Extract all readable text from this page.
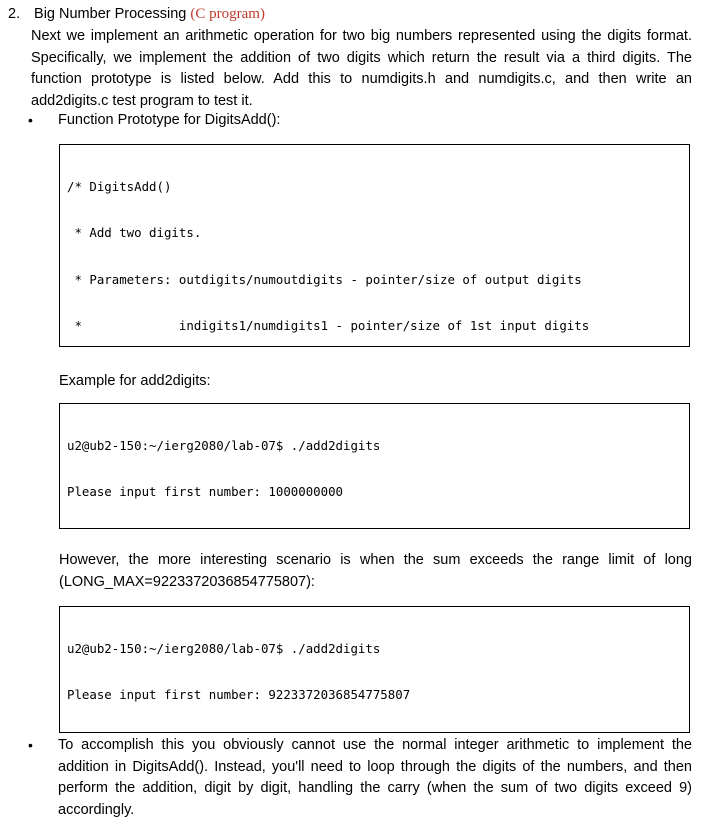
2. Big Number Processing (C program)
Next we implement an arithmetic operation for two big numbers represented using the digits format. Specifically, we implement the addition of two digits which return the result via a third digits. The function prototype is listed below. Add this to numdigits.h and numdigits.c, and then write an add2digits.c test program to test it.
•	Function Prototype for DigitsAdd():

/* DigitsAdd()

* Add two digits.

* Parameters: outdigits/numoutdigits - pointer/size of output digits

*             indigits1/numdigits1 - pointer/size of 1st input digits

Example for add2digits:

u2@ub2-150:~/ierg2080/lab-07$ ./add2digits

Please input first number: 1000000000

However, the more interesting scenario is when the sum exceeds the range limit of long (LONG_MAX=9223372036854775807):

u2@ub2-150:~/ierg2080/lab-07$ ./add2digits

Please input first number: 9223372036854775807

•	To accomplish this you obviously cannot use the normal integer arithmetic to implement the addition in DigitsAdd(). Instead, you'll need to loop through the digits of the numbers, and then perform the addition, digit by digit, handling the carry (when the sum of two digits exceed 9) accordingly.
